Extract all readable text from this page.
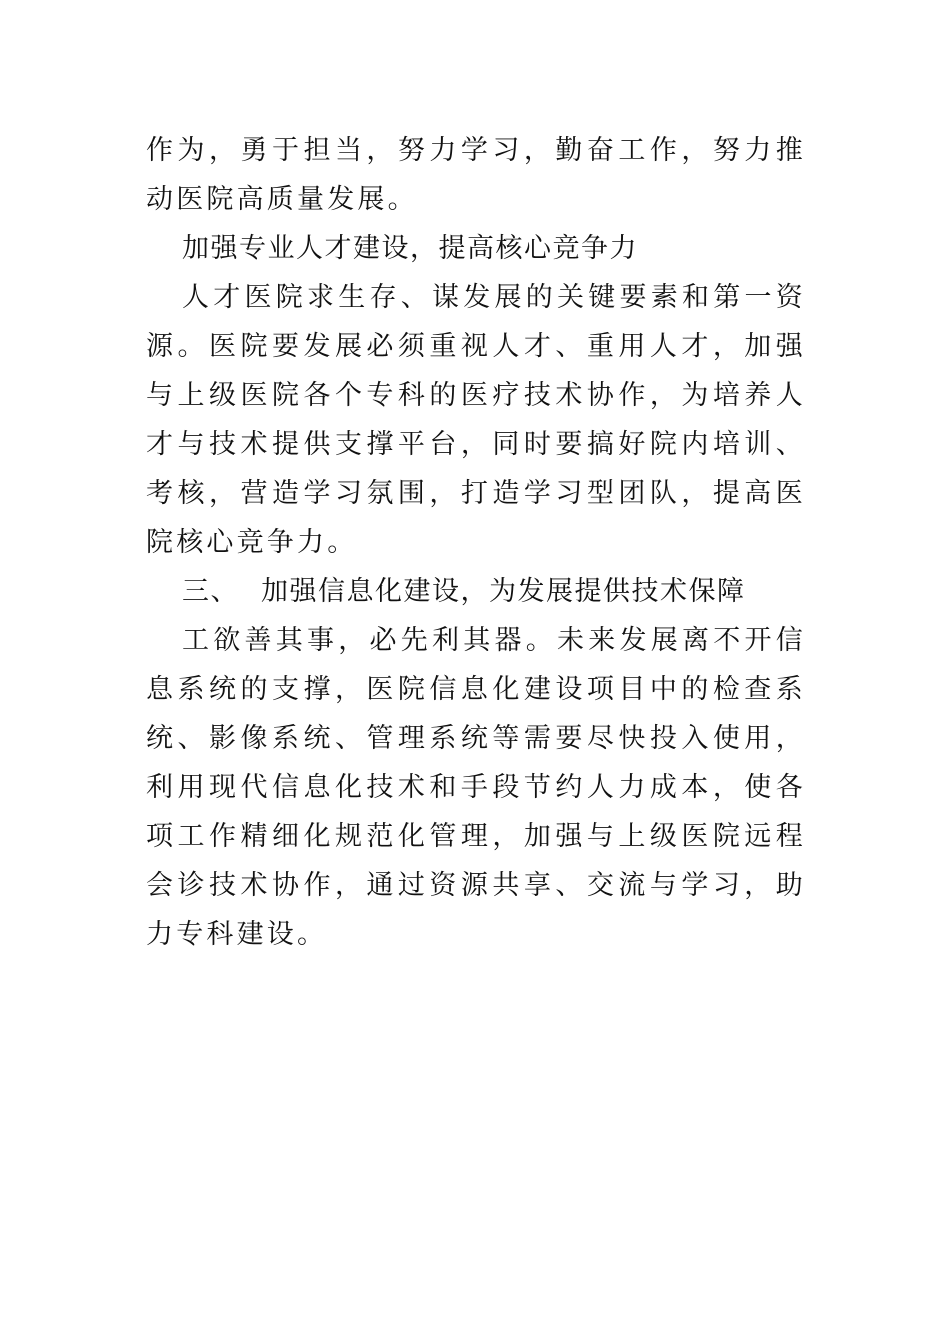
作为，勇于担当，努力学习，勤奋工作，努力推动医院高质量发展。

加强专业人才建设，提高核心竞争力

人才医院求生存、谋发展的关键要素和第一资源。医院要发展必须重视人才、重用人才，加强与上级医院各个专科的医疗技术协作，为培养人才与技术提供支撑平台，同时要搞好院内培训、考核，营造学习氛围，打造学习型团队，提高医院核心竞争力。

三、 加强信息化建设，为发展提供技术保障

工欲善其事，必先利其器。未来发展离不开信息系统的支撑，医院信息化建设项目中的检查系统、影像系统、管理系统等需要尽快投入使用，利用现代信息化技术和手段节约人力成本，使各项工作精细化规范化管理，加强与上级医院远程会诊技术协作，通过资源共享、交流与学习，助力专科建设。
